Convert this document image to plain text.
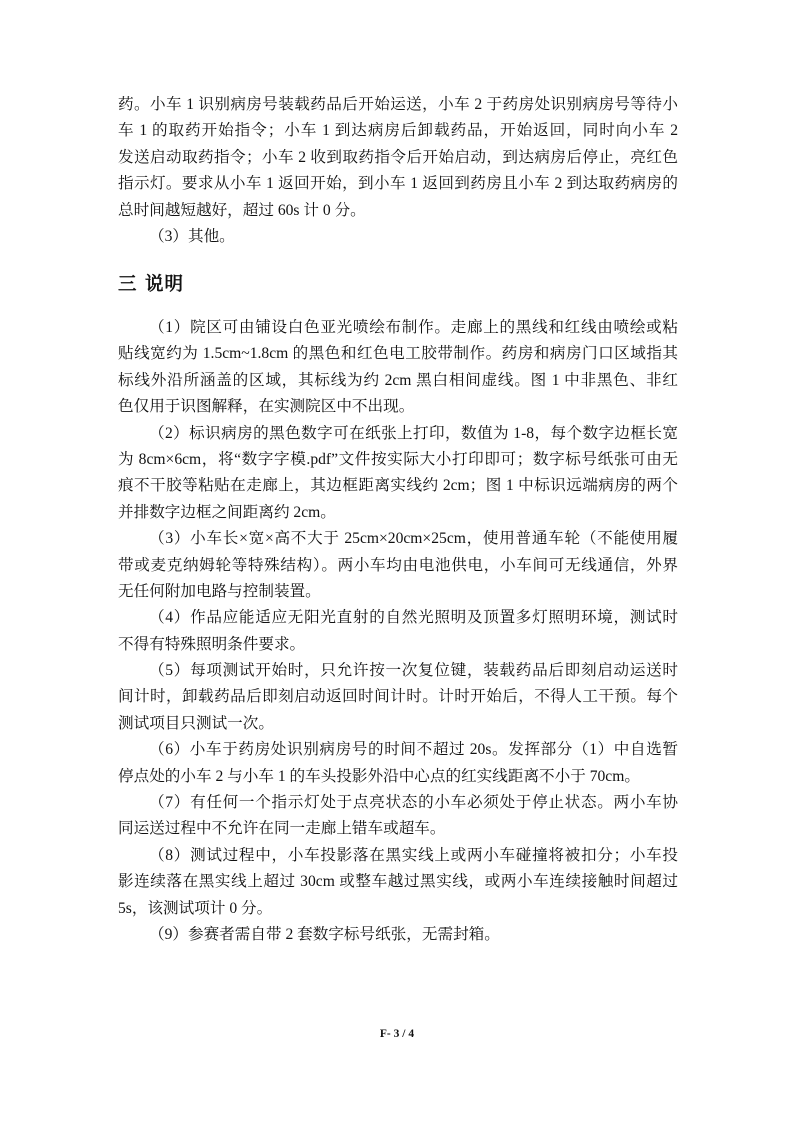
药。小车 1 识别病房号装载药品后开始运送，小车 2 于药房处识别病房号等待小
车 1 的取药开始指令；小车 1 到达病房后卸载药品，开始返回，同时向小车 2
发送启动取药指令；小车 2 收到取药指令后开始启动，到达病房后停止，亮红色
指示灯。要求从小车 1 返回开始，到小车 1 返回到药房且小车 2 到达取药病房的
总时间越短越好，超过 60s 计 0 分。
（3）其他。
三 说明
（1）院区可由铺设白色亚光喷绘布制作。走廊上的黑线和红线由喷绘或粘
贴线宽约为 1.5cm~1.8cm 的黑色和红色电工胶带制作。药房和病房门口区域指其
标线外沿所涵盖的区域，其标线为约 2cm 黑白相间虚线。图 1 中非黑色、非红
色仅用于识图解释，在实测院区中不出现。
（2）标识病房的黑色数字可在纸张上打印，数值为 1-8，每个数字边框长宽
为 8cm×6cm，将“数字字模.pdf”文件按实际大小打印即可；数字标号纸张可由无
痕不干胶等粘贴在走廊上，其边框距离实线约 2cm；图 1 中标识远端病房的两个
并排数字边框之间距离约 2cm。
（3）小车长×宽×高不大于 25cm×20cm×25cm，使用普通车轮（不能使用履
带或麦克纳姆轮等特殊结构）。两小车均由电池供电，小车间可无线通信，外界
无任何附加电路与控制装置。
（4）作品应能适应无阳光直射的自然光照明及顶置多灯照明环境，测试时
不得有特殊照明条件要求。
（5）每项测试开始时，只允许按一次复位键，装载药品后即刻启动运送时
间计时，卸载药品后即刻启动返回时间计时。计时开始后，不得人工干预。每个
测试项目只测试一次。
（6）小车于药房处识别病房号的时间不超过 20s。发挥部分（1）中自选暂
停点处的小车 2 与小车 1 的车头投影外沿中心点的红实线距离不小于 70cm。
（7）有任何一个指示灯处于点亮状态的小车必须处于停止状态。两小车协
同运送过程中不允许在同一走廊上错车或超车。
（8）测试过程中，小车投影落在黑实线上或两小车碰撞将被扣分；小车投
影连续落在黑实线上超过 30cm 或整车越过黑实线，或两小车连续接触时间超过
5s，该测试项计 0 分。
（9）参赛者需自带 2 套数字标号纸张，无需封箱。
F- 3 / 4
